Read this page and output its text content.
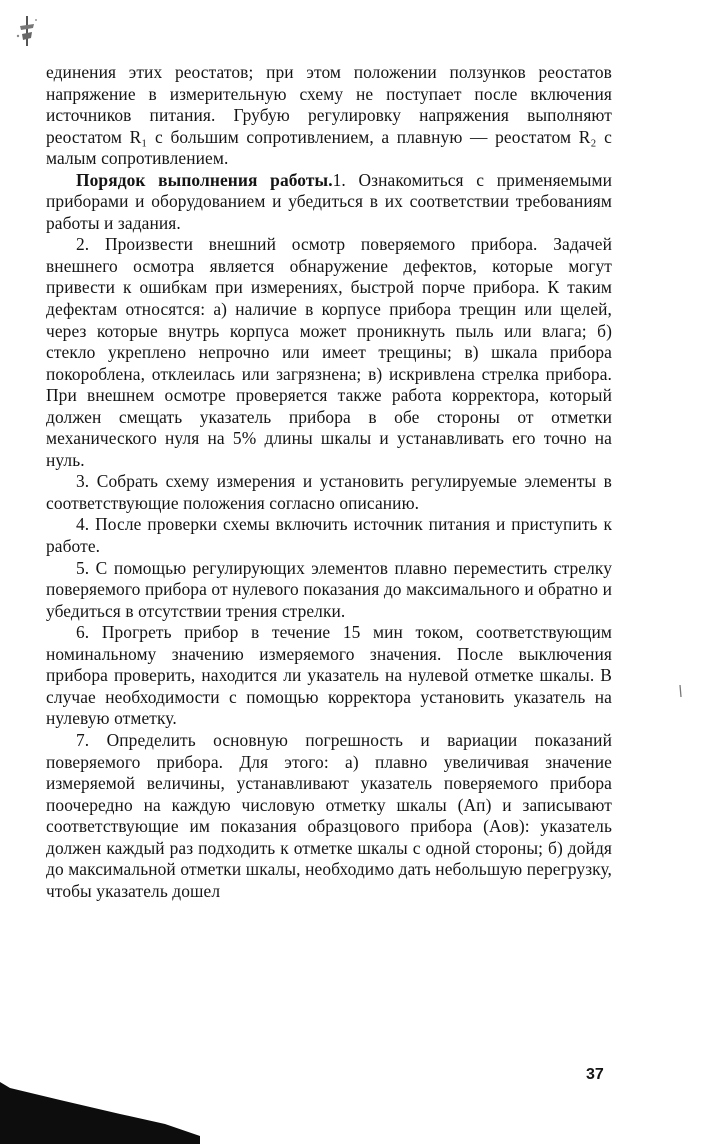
единения этих реостатов; при этом положении ползунков реостатов напряжение в измерительную схему не поступает после включения источников питания. Грубую регулировку напряжения выполняют реостатом R₁ с большим сопротивлением, а плавную — реостатом R₂ с малым сопротивлением.

Порядок выполнения работы.1. Ознакомиться с применяемыми приборами и оборудованием и убедиться в их соответствии требованиям работы и задания.

2. Произвести внешний осмотр поверяемого прибора. Задачей внешнего осмотра является обнаружение дефектов, которые могут привести к ошибкам при измерениях, быстрой порче прибора. К таким дефектам относятся: а) наличие в корпусе прибора трещин или щелей, через которые внутрь корпуса может проникнуть пыль или влага; б) стекло укреплено непрочно или имеет трещины; в) шкала прибора покороблена, отклеилась или загрязнена; в) искривлена стрелка прибора. При внешнем осмотре проверяется также работа корректора, который должен смещать указатель прибора в обе стороны от отметки механического нуля на 5% длины шкалы и устанавливать его точно на нуль.

3. Собрать схему измерения и установить регулируемые элементы в соответствующие положения согласно описанию.

4. После проверки схемы включить источник питания и приступить к работе.

5. С помощью регулирующих элементов плавно переместить стрелку поверяемого прибора от нулевого показания до максимального и обратно и убедиться в отсутствии трения стрелки.

6. Прогреть прибор в течение 15 мин током, соответствующим номинальному значению измеряемого значения. После выключения прибора проверить, находится ли указатель на нулевой отметке шкалы. В случае необходимости с помощью корректора установить указатель на нулевую отметку.

7. Определить основную погрешность и вариации показаний поверяемого прибора. Для этого: а) плавно увеличивая значение измеряемой величины, устанавливают указатель поверяемого прибора поочередно на каждую числовую отметку шкалы (Aп) и записывают соответствующие им показания образцового прибора (Aов): указатель должен каждый раз подходить к отметке шкалы с одной стороны; б) дойдя до максимальной отметки шкалы, необходимо дать небольшую перегрузку, чтобы указатель дошел

37
